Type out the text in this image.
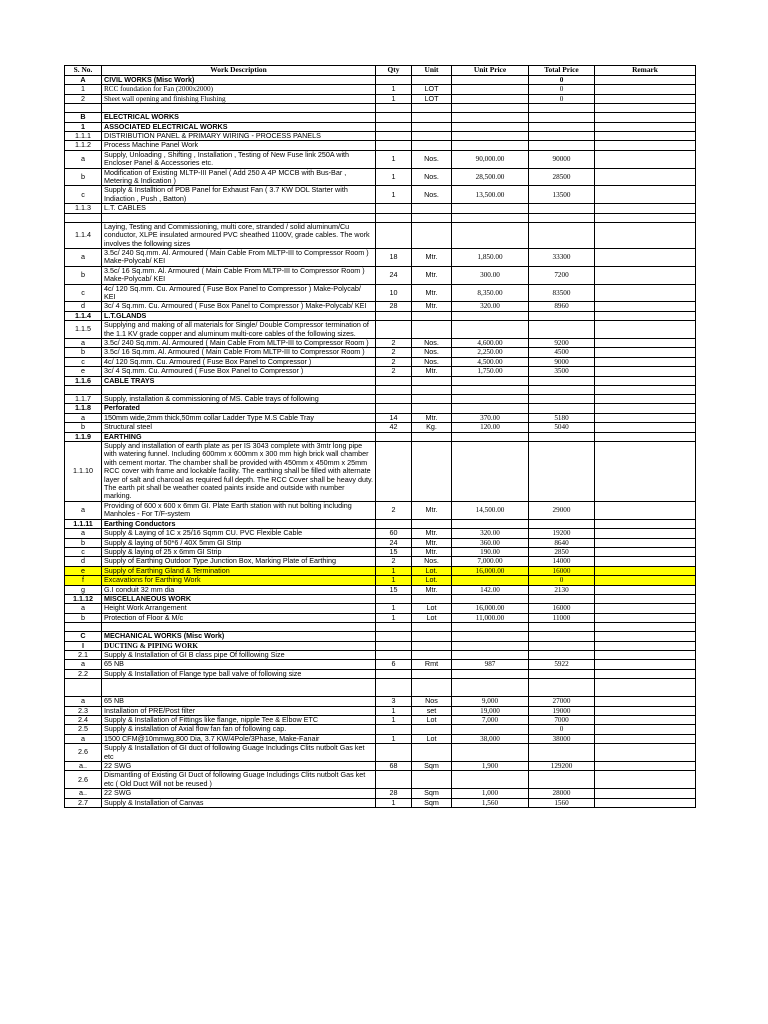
S. No.	Work Description	Qty	Unit	Unit Price	Total Price	Remark
A	CIVIL WORKS (Misc Work)				0	
1	RCC foundation for Fan (2000x2000)	1	LOT		0	
2	Sheet wall opening and finishing Flushing	1	LOT		0	

B	ELECTRICAL WORKS					
1	ASSOCIATED ELECTRICAL WORKS					
1.1.1	DISTRIBUTION PANEL & PRIMARY WIRING - PROCESS PANELS					
1.1.2	Process Machine Panel Work					
a	Supply, Unloading , Shifting , Installation , Testing of New Fuse link 250A with Encloser Panel & Accessories etc.	1	Nos.	90,000.00	90000	
b	Modification of Existing MLTP-III Panel ( Add 250 A 4P MCCB with Bus-Bar , Metering & Indication )	1	Nos.	28,500.00	28500	
c	Supply & Installtion of PDB Panel for Exhaust Fan ( 3.7 KW DOL Starter with Indiaction , Push , Batton)	1	Nos.	13,500.00	13500	
1.1.3	L.T. CABLES					

1.1.4	Laying, Testing and Commissioning, multi core, stranded / solid aluminum/Cu conductor, XLPE insulated armoured PVC sheathed 1100V, grade cables. The work involves the following sizes					
a	3.5c/ 240 Sq.mm. Al. Armoured ( Main Cable From MLTP-III to Compressor Room ) Make-Polycab/ KEI	18	Mtr.	1,850.00	33300	
b	3.5c/ 16 Sq.mm. Al. Armoured ( Main Cable From MLTP-III to Compressor Room ) Make-Polycab/ KEI	24	Mtr.	300.00	7200	
c	4c/ 120 Sq.mm. Cu. Armoured ( Fuse Box Panel to Compressor ) Make-Polycab/ KEI	10	Mtr.	8,350.00	83500	
d	3c/ 4 Sq.mm. Cu. Armoured ( Fuse Box Panel to Compressor ) Make-Polycab/ KEI	28	Mtr.	320.00	8960	
1.1.4	L.T.GLANDS					
1.1.5	Supplying and making of all materials for Single/ Double Compressor termination of the 1.1 KV grade copper and aluminum multi-core cables of the following sizes.					
a	3.5c/ 240 Sq.mm. Al. Armoured ( Main Cable From MLTP-III to Compressor Room )	2	Nos.	4,600.00	9200	
b	3.5c/ 16 Sq.mm. Al. Armoured ( Main Cable From MLTP-III to Compressor Room )	2	Nos.	2,250.00	4500	
c	4c/ 120 Sq.mm. Cu. Armoured ( Fuse Box Panel to Compressor )	2	Nos.	4,500.00	9000	
e	3c/ 4 Sq.mm. Cu. Armoured ( Fuse Box Panel to Compressor )	2	Mtr.	1,750.00	3500	
1.1.6	CABLE TRAYS					

1.1.7	Supply, installation & commissioning of MS. Cable trays of following					
1.1.8	Perforated					
a	150mm wide,2mm thick,50mm collar Ladder Type M.S Cable Tray	14	Mtr.	370.00	5180	
b	Structural steel	42	Kg.	120.00	5040	
1.1.9	EARTHING					
1.1.10	Supply and installation of earth plate as per IS 3043 complete with 3mtr long pipe with watering funnel. Including 600mm x 600mm x 300 mm high brick wall chamber with cement mortar. The chamber shall be provided with 450mm x 450mm x 25mm RCC cover with frame and lockable facility. The earthing shall be filled with alternate layer of salt and charcoal as required full depth. The RCC Cover shall be heavy duty. The earth pit shall be weather coated paints inside and outside with number marking.					
a	Providing of 600 x 600 x 6mm GI. Plate Earth station with nut bolting including Manholes - For T/F-system	2	Mtr.	14,500.00	29000	
1.1.11	Earthing Conductors					
a	Supply & Laying of 1C x 25/16 Sqmm CU. PVC Flexible Cable	60	Mtr.	320.00	19200	
b	Supply & laying of 50*6 / 40X 5mm GI Strip	24	Mtr.	360.00	8640	
c	Supply & laying of 25 x 6mm GI Strip	15	Mtr.	190.00	2850	
d	Supply of Earthing Outdoor Type Junction Box, Marking Plate of Earthing	2	Nos.	7,000.00	14000	
e	Supply of Earthing Gland & Termination	1	Lot.	16,000.00	16000	
f	Excavations for Earthing Work	1	Lot.		0	
g	G.I conduit 32 mm dia	15	Mtr.	142.00	2130	
1.1.12	MISCELLANEOUS WORK					
a	Height Work Arrangement	1	Lot	16,000.00	16000	
b	Protection of Floor & M/c	1	Lot	11,000.00	11000	

C	MECHANICAL WORKS (Misc Work)					
I	DUCTING & PIPING WORK					
2.1	Supply & Installation of GI B class pipe Of folllowing Size					
a	65 NB	6	Rmt	987	5922	
2.2	Supply & Installation of Flange type ball valve of following size					

a	65 NB	3	Nos	9,000	27000	
2.3	Installation of PRE/Post filter	1	set	19,000	19000	
2.4	Supply & Installation of Fittings like flange, nipple Tee & Elbow ETC	1	Lot	7,000	7000	
2.5	Supply & installation of Axial flow fan fan of following cap.				0	
a	1500 CFM@10mmwg,800 Dia, 3.7 KW/4Pole/3Phase, Make-Fanair	1	Lot	38,000	38000	
2.6	Supply & Installation of GI duct of following Guage Includings Clits nutbolt Gas ket etc					
a..	22 SWG	68	Sqm	1,900	129200	
2.6	Dismantling of Existing GI Duct of following Guage Includings Clits nutbolt Gas ket etc ( Old Duct Will not be reused )					
a..	22 SWG	28	Sqm	1,000	28000	
2.7	Supply & Installation of Canvas	1	Sqm	1,560	1560	
